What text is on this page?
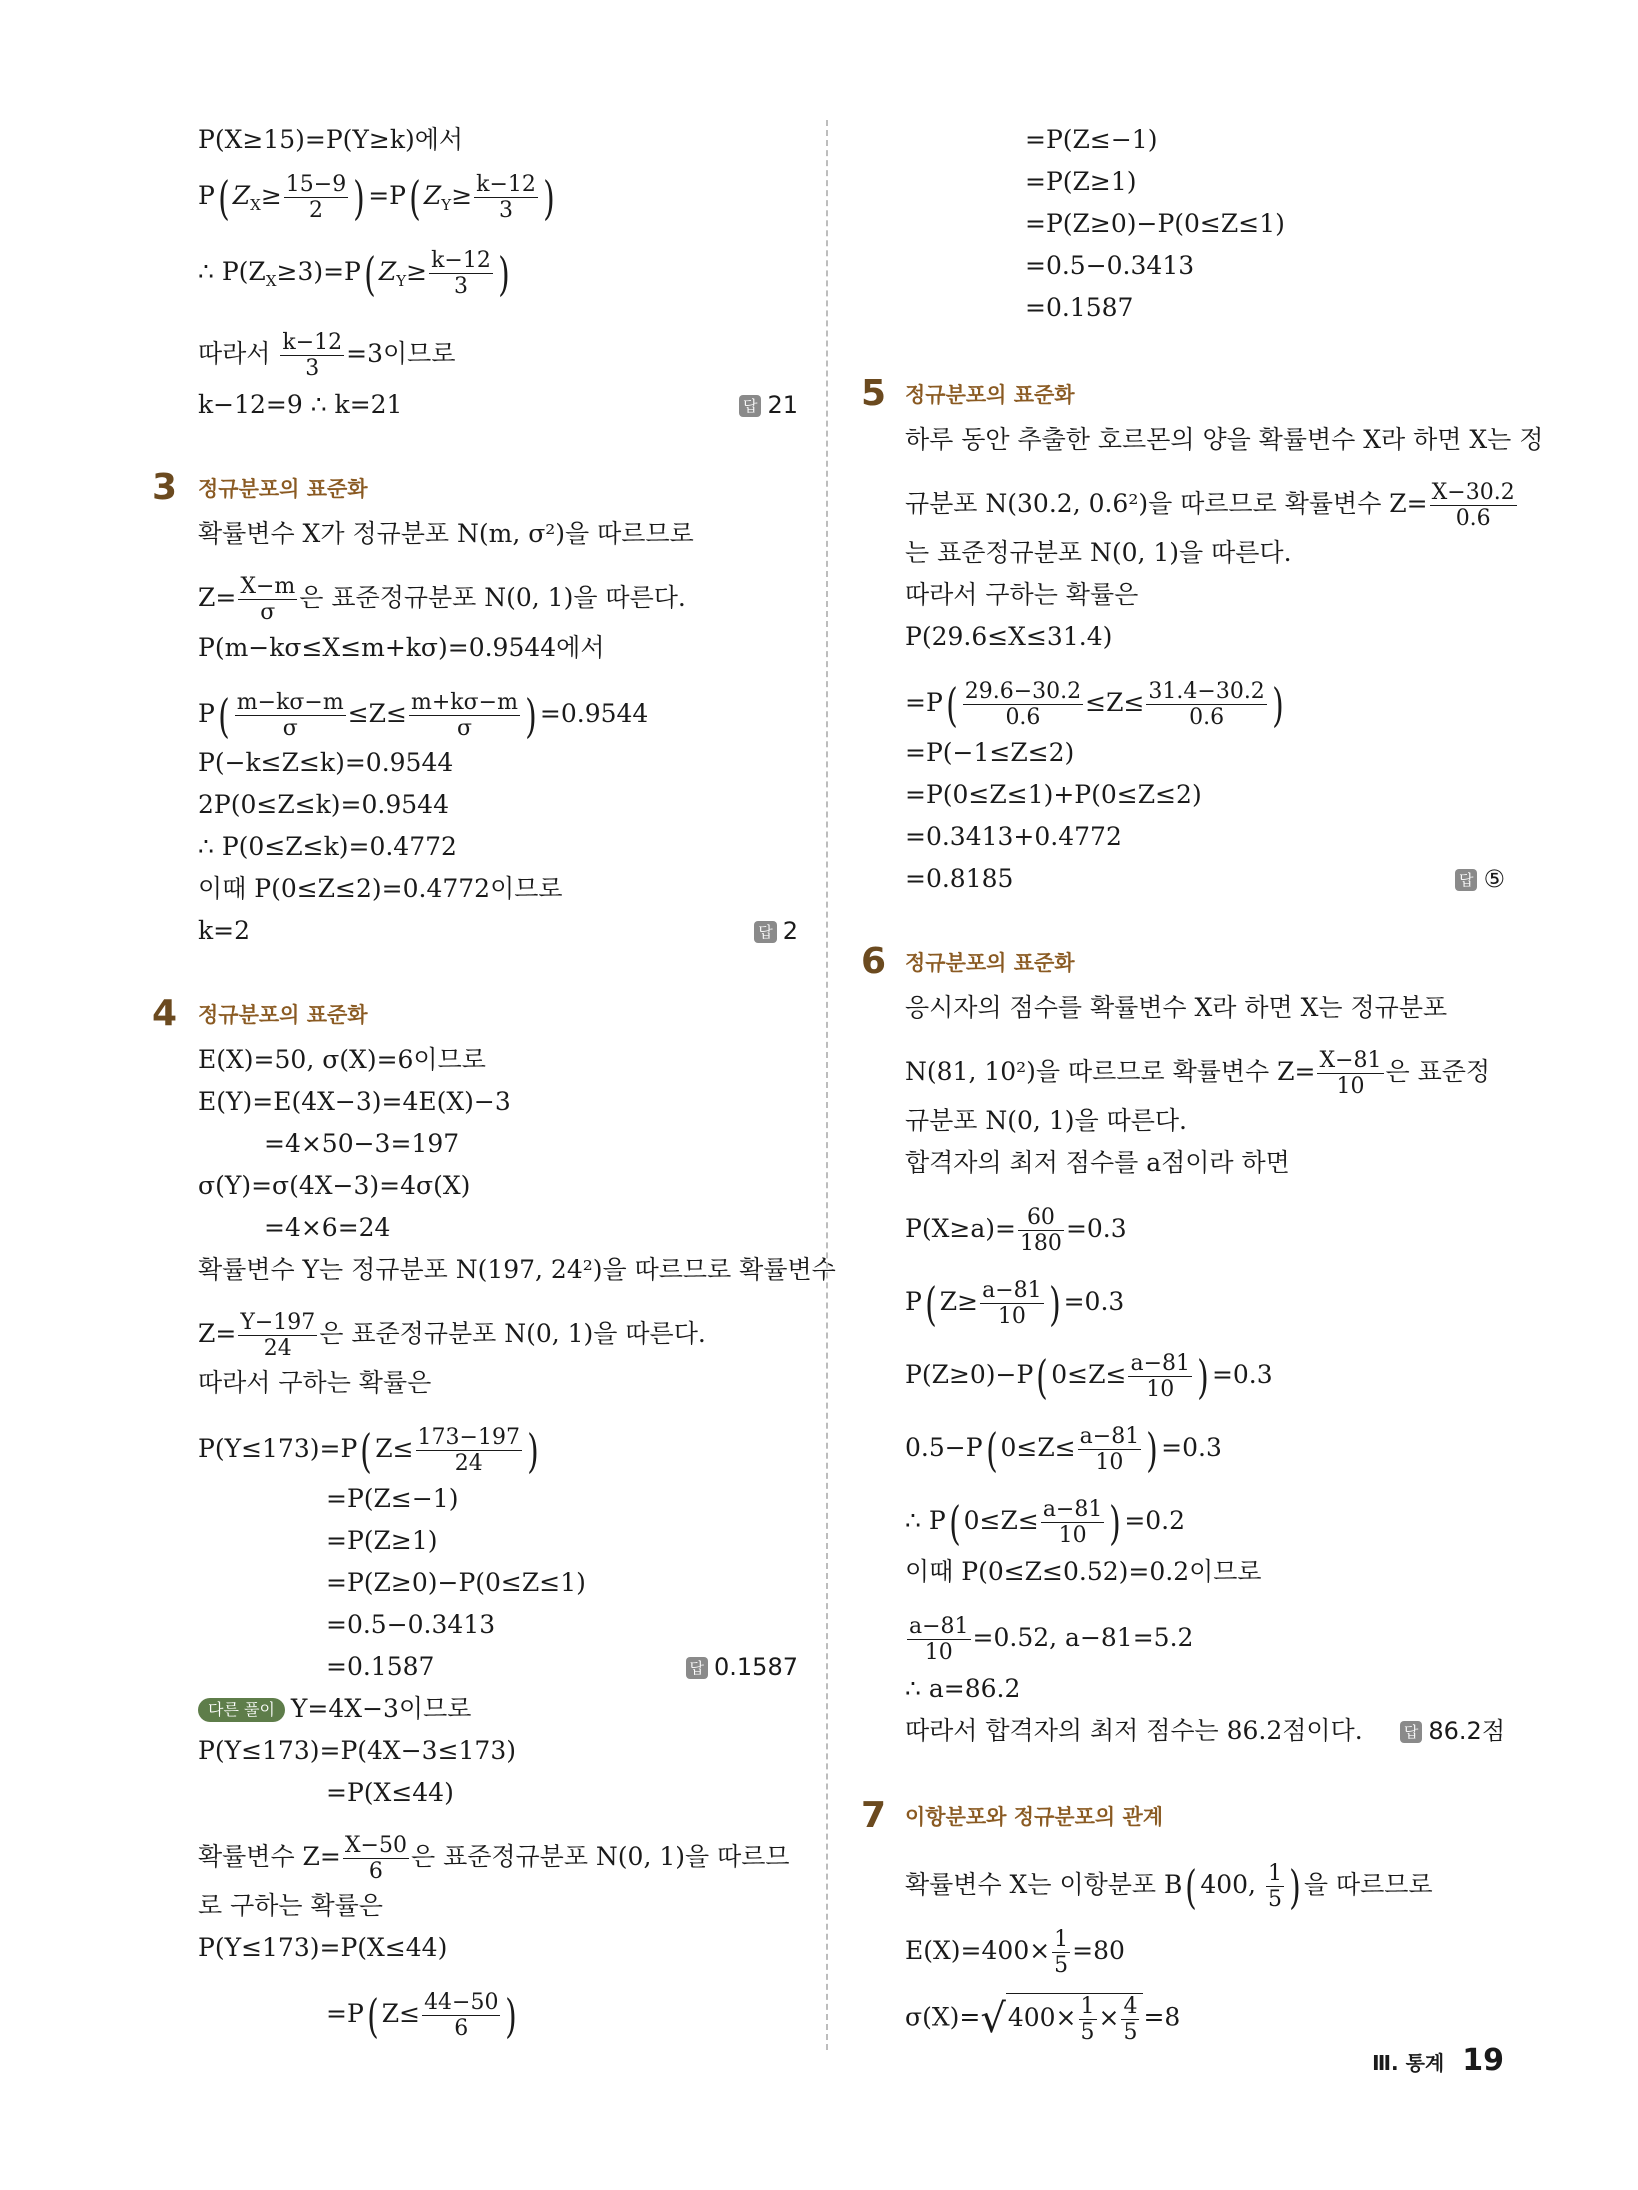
P(X≥15)=P(Y≥k)에서
P( $Z_X\ge \frac{15-9}{2}$ ) =P( $Z_Y\ge \frac{k-12}{3}$ )
∴ $P(Z_X\ge 3)=P$( $Z_Y\ge \frac{k-12}{3}$ )
따라서 $\frac{k-12}{3} =3$이므로
k−12=9 ∴ k=21	답 21
3 정규분포의 표준화
확률변수 X가 정규분포 N(m, σ²)을 따르므로
$Z= \frac{X-m}{\sigma}$ 은 표준정규분포 N(0, 1)을 따른다.
P(m−kσ≤X≤m+kσ)=0.9544에서
$P( \frac{m-k\sigma-m}{\sigma} \le Z\le \frac{m+k\sigma-m}{\sigma}$ ) =0.9544
P(−k≤Z≤k)=0.9544
2P(0≤Z≤k)=0.9544
∴ P(0≤Z≤k)=0.4772
이때 P(0≤Z≤2)=0.4772이므로
k=2	답 2
4 정규분포의 표준화
E(X)=50, σ(X)=6이므로
E(Y)=E(4X−3)=4E(X)−3
=4×50−3=197
σ(Y)=σ(4X−3)=4σ(X)
=4×6=24
확률변수 Y는 정규분포 N(197, 24²)을 따르므로 확률변수
$Z= \frac{Y-197}{24}$ 은 표준정규분포 N(0, 1)을 따른다.
따라서 구하는 확률은
P(Y≤173)=P( $Z\le \frac{173-197}{24}$ )
=P(Z≤−1)
=P(Z≥1)
=P(Z≥0)−P(0≤Z≤1)
=0.5−0.3413
=0.1587	답 0.1587
다른 풀이 Y=4X−3이므로
P(Y≤173)=P(4X−3≤173)
=P(X≤44)
확률변수 $Z= \frac{X-50}{6}$ 은 표준정규분포 N(0, 1)을 따르므
로 구하는 확률은
P(Y≤173)=P(X≤44)
=P( $Z\le \frac{44-50}{6}$ )
=P(Z≤−1)
=P(Z≥1)
=P(Z≥0)−P(0≤Z≤1)
=0.5−0.3413
=0.1587
5 정규분포의 표준화
하루 동안 추출한 호르몬의 양을 확률변수 X라 하면 X는 정
규분포 N(30.2, 0.6²)을 따르므로 확률변수 $Z= \frac{X-30.2}{0.6}$
는 표준정규분포 N(0, 1)을 따른다.
따라서 구하는 확률은
P(29.6≤X≤31.4)
$=P( \frac{29.6-30.2}{0.6} \le Z\le \frac{31.4-30.2}{0.6}$ )
=P(−1≤Z≤2)
=P(0≤Z≤1)+P(0≤Z≤2)
=0.3413+0.4772
=0.8185	답 ⑤
6 정규분포의 표준화
응시자의 점수를 확률변수 X라 하면 X는 정규분포
N(81, 10²)을 따르므로 확률변수 $Z= \frac{X-81}{10}$ 은 표준정
규분포 N(0, 1)을 따른다.
합격자의 최저 점수를 a점이라 하면
$P(X\ge a)= \frac{60}{180} =0.3$
P( $Z\ge \frac{a-81}{10}$ ) =0.3
P(Z≥0)−P( $0\le Z\le \frac{a-81}{10}$ ) =0.3
0.5−P( $0\le Z\le \frac{a-81}{10}$ ) =0.3
∴ P( $0\le Z\le \frac{a-81}{10}$ ) =0.2
이때 P(0≤Z≤0.52)=0.2이므로
$\frac{a-81}{10} =0.52$, a−81=5.2
∴ a=86.2
따라서 합격자의 최저 점수는 86.2점이다.	답 86.2점
7 이항분포와 정규분포의 관계
확률변수 X는 이항분포 B( 400, $\frac{1}{5}$ ) 을 따르므로
$E(X)=400\times \frac{1}{5} =80$
$\sigma(X)=√400\times \frac{1}{5} \times \frac{4}{5} =8$
Ⅲ. 통계 19
